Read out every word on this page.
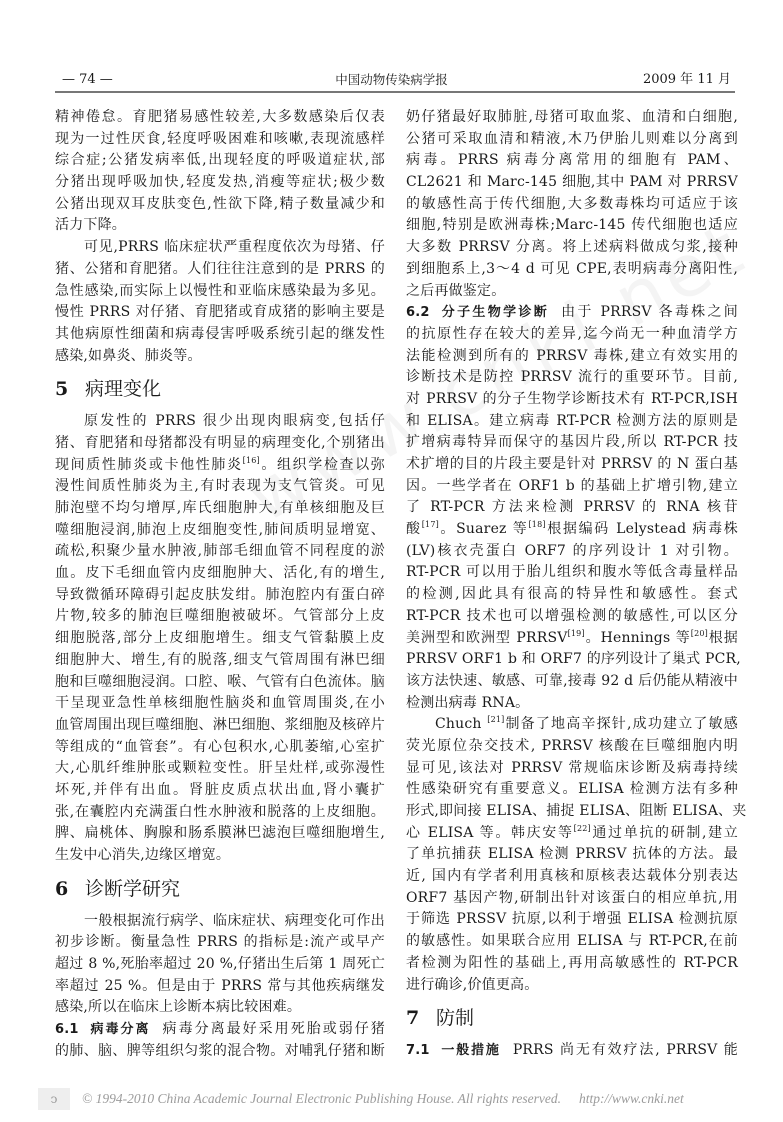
— 74 —	中国动物传染病学报	2009 年 11 月
精神倦怠。育肥猪易感性较差,大多数感染后仅表
现为一过性厌食,轻度呼吸困难和咳嗽,表现流感样
综合症;公猪发病率低,出现轻度的呼吸道症状,部
分猪出现呼吸加快,轻度发热,消瘦等症状;极少数
公猪出现双耳皮肤变色,性欲下降,精子数量减少和
活力下降。
可见,PRRS 临床症状严重程度依次为母猪、仔
猪、公猪和育肥猪。人们往往注意到的是 PRRS 的
急性感染,而实际上以慢性和亚临床感染最为多见。
慢性 PRRS 对仔猪、育肥猪或育成猪的影响主要是
其他病原性细菌和病毒侵害呼吸系统引起的继发性
感染,如鼻炎、肺炎等。
5 病理变化
原发性的 PRRS 很少出现肉眼病变,包括仔
猪、育肥猪和母猪都没有明显的病理变化,个别猪出
现间质性肺炎或卡他性肺炎[16]。组织学检查以弥
漫性间质性肺炎为主,有时表现为支气管炎。可见
肺泡壁不均匀增厚,库氏细胞肿大,有单核细胞及巨
噬细胞浸润,肺泡上皮细胞变性,肺间质明显增宽、
疏松,积聚少量水肿液,肺部毛细血管不同程度的淤
血。皮下毛细血管内皮细胞肿大、活化,有的增生,
导致微循环障碍引起皮肤发绀。肺泡腔内有蛋白碎
片物,较多的肺泡巨噬细胞被破坏。气管部分上皮
细胞脱落,部分上皮细胞增生。细支气管黏膜上皮
细胞肿大、增生,有的脱落,细支气管周围有淋巴细
胞和巨噬细胞浸润。口腔、喉、气管有白色流体。脑
干呈现亚急性单核细胞性脑炎和血管周围炎,在小
血管周围出现巨噬细胞、淋巴细胞、浆细胞及核碎片
等组成的“血管套”。有心包积水,心肌萎缩,心室扩
大,心肌纤维肿胀或颗粒变性。肝呈灶样,或弥漫性
坏死,并伴有出血。肾脏皮质点状出血,肾小囊扩
张,在囊腔内充满蛋白性水肿液和脱落的上皮细胞。
脾、扁桃体、胸腺和肠系膜淋巴滤泡巨噬细胞增生,
生发中心消失,边缘区增宽。
6 诊断学研究
一般根据流行病学、临床症状、病理变化可作出
初步诊断。衡量急性 PRRS 的指标是:流产或早产
超过 8 %,死胎率超过 20 %,仔猪出生后第 1 周死亡
率超过 25 %。但是由于 PRRS 常与其他疾病继发
感染,所以在临床上诊断本病比较困难。
6.1 病毒分离 病毒分离最好采用死胎或弱仔猪
的肺、脑、脾等组织匀浆的混合物。对哺乳仔猪和断
奶仔猪最好取肺脏,母猪可取血浆、血清和白细胞,
公猪可采取血清和精液,木乃伊胎儿则难以分离到
病毒。PRRS 病毒分离常用的细胞有 PAM、
CL2621 和 Marc-145 细胞,其中 PAM 对 PRRSV
的敏感性高于传代细胞,大多数毒株均可适应于该
细胞,特别是欧洲毒株;Marc-145 传代细胞也适应
大多数 PRRSV 分离。将上述病料做成匀浆,接种
到细胞系上,3～4 d 可见 CPE,表明病毒分离阳性,
之后再做鉴定。
6.2 分子生物学诊断 由于 PRRSV 各毒株之间
的抗原性存在较大的差异,迄今尚无一种血清学方
法能检测到所有的 PRRSV 毒株,建立有效实用的
诊断技术是防控 PRRSV 流行的重要环节。目前,
对 PRRSV 的分子生物学诊断技术有 RT-PCR,ISH
和 ELISA。建立病毒 RT-PCR 检测方法的原则是
扩增病毒特异而保守的基因片段,所以 RT-PCR 技
术扩增的目的片段主要是针对 PRRSV 的 N 蛋白基
因。一些学者在 ORF1 b 的基础上扩增引物,建立
了 RT-PCR 方法来检测 PRRSV 的 RNA 核苷
酸[17]。Suarez 等[18]根据编码 Lelystead 病毒株
(LV)核衣壳蛋白 ORF7 的序列设计 1 对引物。
RT-PCR 可以用于胎儿组织和腹水等低含毒量样品
的检测,因此具有很高的特异性和敏感性。套式
RT-PCR 技术也可以增强检测的敏感性,可以区分
美洲型和欧洲型 PRRSV[19]。Hennings 等[20]根据
PRRSV ORF1 b 和 ORF7 的序列设计了巢式 PCR,
该方法快速、敏感、可靠,接毒 92 d 后仍能从精液中
检测出病毒 RNA。
Chuch [21]制备了地高辛探针,成功建立了敏感
荧光原位杂交技术, PRRSV 核酸在巨噬细胞内明
显可见,该法对 PRRSV 常规临床诊断及病毒持续
性感染研究有重要意义。ELISA 检测方法有多种
形式,即间接 ELISA、捕捉 ELISA、阻断 ELISA、夹
心 ELISA 等。韩庆安等[22]通过单抗的研制,建立
了单抗捕获 ELISA 检测 PRRSV 抗体的方法。最
近, 国内有学者利用真核和原核表达载体分别表达
ORF7 基因产物,研制出针对该蛋白的相应单抗,用
于筛选 PRSSV 抗原,以利于增强 ELISA 检测抗原
的敏感性。如果联合应用 ELISA 与 RT-PCR,在前
者检测为阳性的基础上,再用高敏感性的 RT-PCR
进行确诊,价值更高。
7 防制
7.1 一般措施 PRRS 尚无有效疗法, PRRSV 能
ↄ	© 1994-2010 China Academic Journal Electronic Publishing House. All rights reserved. http://www.cnki.net
